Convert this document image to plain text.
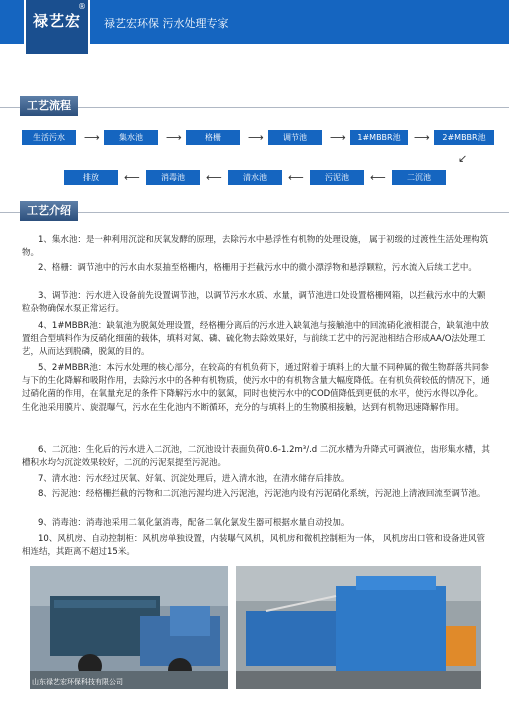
禄艺宏
®
禄艺宏环保 污水处理专家
工艺流程
生活污水	⟶	集水池	⟶	格栅	⟶	调节池	⟶	1#MBBR池	⟶	2#MBBR池
↙
排放	⟵	消毒池	⟵	清水池	⟵	污泥池	⟵	二沉池
工艺介绍
1、集水池：是一种利用沉淀和厌氧发酵的原理，去除污水中悬浮性有机物的处理设施， 属于初级的过渡性生活处理构筑物。
2、格栅：调节池中的污水由水泵抽至格栅内，格栅用于拦截污水中的微小漂浮物和悬浮颗粒，污水流入后续工艺中。
3、调节池：污水进入设备前先设置调节池，以调节污水水质、水量，调节池进口处设置格栅网箱，以拦截污水中的大颗粒杂物确保水泵正常运行。
4、1#MBBR池：缺氧池为脱氮处理设置，经格栅分离后的污水进入缺氧池与接触池中的回流硝化液相混合，缺氧池中放置组合型填料作为反硝化细菌的载体，填料对氮、磷、硫化物去除效果好，与前续工艺中的污泥池相结合形成AA/O法处理工艺，从而达到脱磷，脱氮的目的。
5、2#MBBR池：本污水处理的核心部分，在较高的有机负荷下，通过附着于填料上的大量不同种属的微生物群落共同参与下的生化降解和吸附作用，去除污水中的各种有机物质，使污水中的有机物含量大幅度降低。在有机负荷较低的情况下，通过硝化菌的作用，在氧量充足的条件下降解污水中的氨氮，同时也使污水中的COD值降低到更低的水平，使污水得以净化。生化池采用膜片、旋混曝气，污水在生化池内不断循环，充分的与填料上的生物膜相接触，达到有机物迅速降解作用。
6、二沉池：生化后的污水进入二沉池，二沉池设计表面负荷0.6-1.2m³/.d 二沉水槽为升降式可调液位，齿形集水槽，其槽积水均匀沉淀效果较好，二沉的污泥泵提至污泥池。
7、清水池：污水经过厌氧、好氧、沉淀处理后，进入清水池，在清水储存后排放。
8、污泥池：经格栅拦截的污物和二沉池污渥均进入污泥池，污泥池内设有污泥硝化系统，污泥池上清液回流至调节池。
9、消毒池：消毒池采用二氧化氯消毒，配备二氧化氯发生器可根据水量自动投加。
10、风机房、自动控制柜：风机房单独设置，内装曝气风机，风机房和微机控制柜为一体， 风机房出口管和设备进风管相连结，其距离不超过15米。
山东禄艺宏环保科技有限公司
